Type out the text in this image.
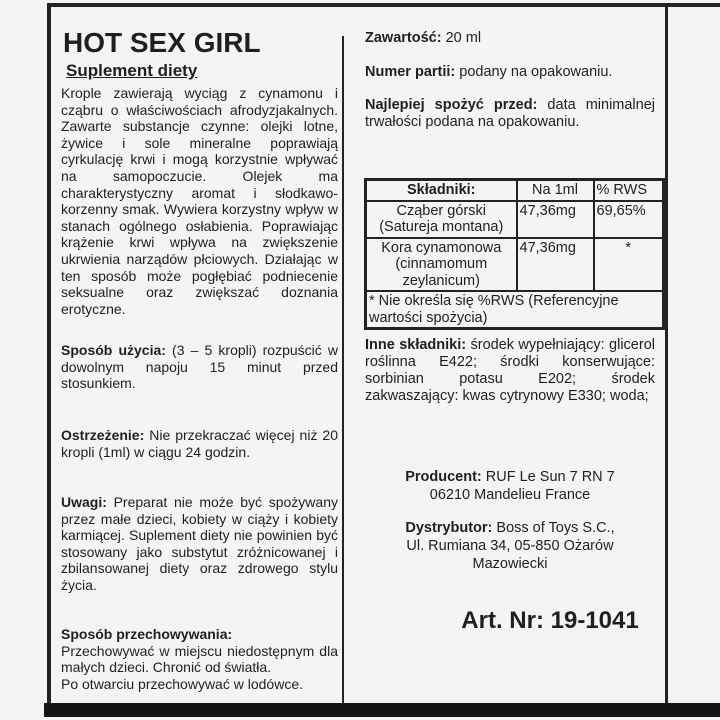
HOT SEX GIRL
Suplement diety

Krople zawierają wyciąg z cynamonu i cząbru o właściwościach afrodyzjakalnych. Zawarte substancje czynne: olejki lotne, żywice i sole mineralne poprawiają cyrkulację krwi i mogą korzystnie wpływać na samopoczucie. Olejek ma charakterystyczny aromat i słodkawo-korzenny smak. Wywiera korzystny wpływ w stanach ogólnego osłabienia. Poprawiając krążenie krwi wpływa na zwiększenie ukrwienia narządów płciowych. Działając w ten sposób może pogłębiać podniecenie seksualne oraz zwiększać doznania erotyczne.

Sposób użycia: (3 – 5 kropli) rozpuścić w dowolnym napoju 15 minut przed stosunkiem.

Ostrzeżenie: Nie przekraczać więcej niż 20 kropli (1ml) w ciągu 24 godzin.

Uwagi: Preparat nie może być spożywany przez małe dzieci, kobiety w ciąży i kobiety karmiącej. Suplement diety nie powinien być stosowany jako substytut zróżnicowanej i zbilansowanej diety oraz zdrowego stylu życia.

Sposób przechowywania:

Przechowywać w miejscu niedostępnym dla małych dzieci. Chronić od światła.

Po otwarciu przechowywać w lodówce.

Zawartość: 20 ml

Numer partii: podany na opakowaniu.

Najlepiej spożyć przed: data minimalnej trwałości podana na opakowaniu.

Składniki:	Na 1ml	% RWS
Cząber górski (Satureja montana)	47,36mg	69,65%
Kora cynamonowa (cinnamomum zeylanicum)	47,36mg	*
* Nie określa się %RWS (Referencyjne wartości spożycia)		

Inne składniki: środek wypełniający: glicerol roślinna E422; środki konserwujące: sorbinian potasu E202; środek zakwaszający: kwas cytrynowy E330; woda;

Producent: RUF Le Sun 7 RN 7
06210 Mandelieu France
Dystrybutor: Boss of Toys S.C.,
Ul. Rumiana 34, 05-850 Ożarów
Mazowiecki
Art. Nr: 19-1041
